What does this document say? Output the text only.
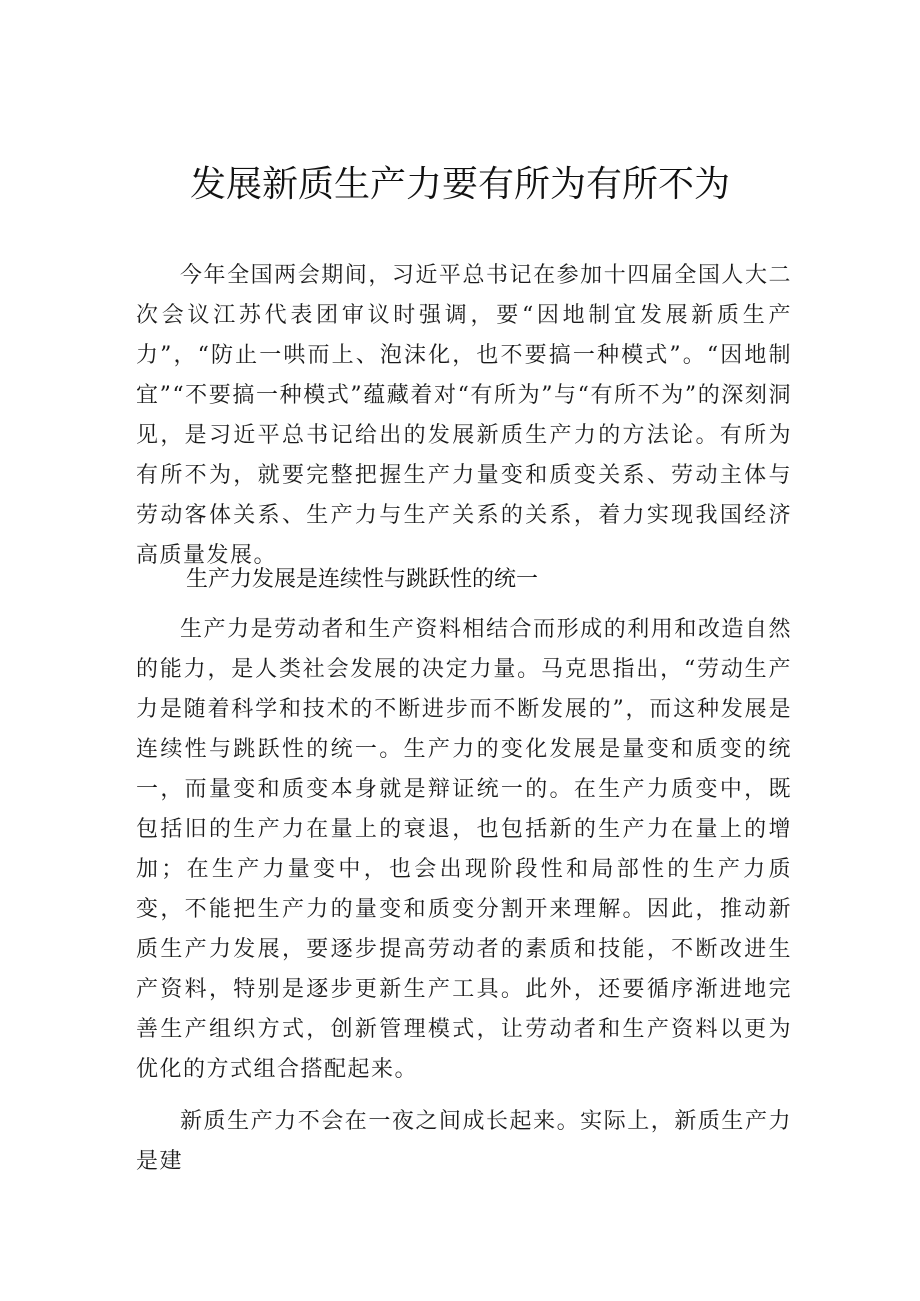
发展新质生产力要有所为有所不为

今年全国两会期间，习近平总书记在参加十四届全国人大二次会议江苏代表团审议时强调，要“因地制宜发展新质生产力”，“防止一哄而上、泡沫化，也不要搞一种模式”。“因地制宜”“不要搞一种模式”蕴藏着对“有所为”与“有所不为”的深刻洞见，是习近平总书记给出的发展新质生产力的方法论。有所为有所不为，就要完整把握生产力量变和质变关系、劳动主体与劳动客体关系、生产力与生产关系的关系，着力实现我国经济高质量发展。

生产力发展是连续性与跳跃性的统一

生产力是劳动者和生产资料相结合而形成的利用和改造自然的能力，是人类社会发展的决定力量。马克思指出，“劳动生产力是随着科学和技术的不断进步而不断发展的”，而这种发展是连续性与跳跃性的统一。生产力的变化发展是量变和质变的统一，而量变和质变本身就是辩证统一的。在生产力质变中，既包括旧的生产力在量上的衰退，也包括新的生产力在量上的增加；在生产力量变中，也会出现阶段性和局部性的生产力质变，不能把生产力的量变和质变分割开来理解。因此，推动新质生产力发展，要逐步提高劳动者的素质和技能，不断改进生产资料，特别是逐步更新生产工具。此外，还要循序渐进地完善生产组织方式，创新管理模式，让劳动者和生产资料以更为优化的方式组合搭配起来。

新质生产力不会在一夜之间成长起来。实际上，新质生产力是建
